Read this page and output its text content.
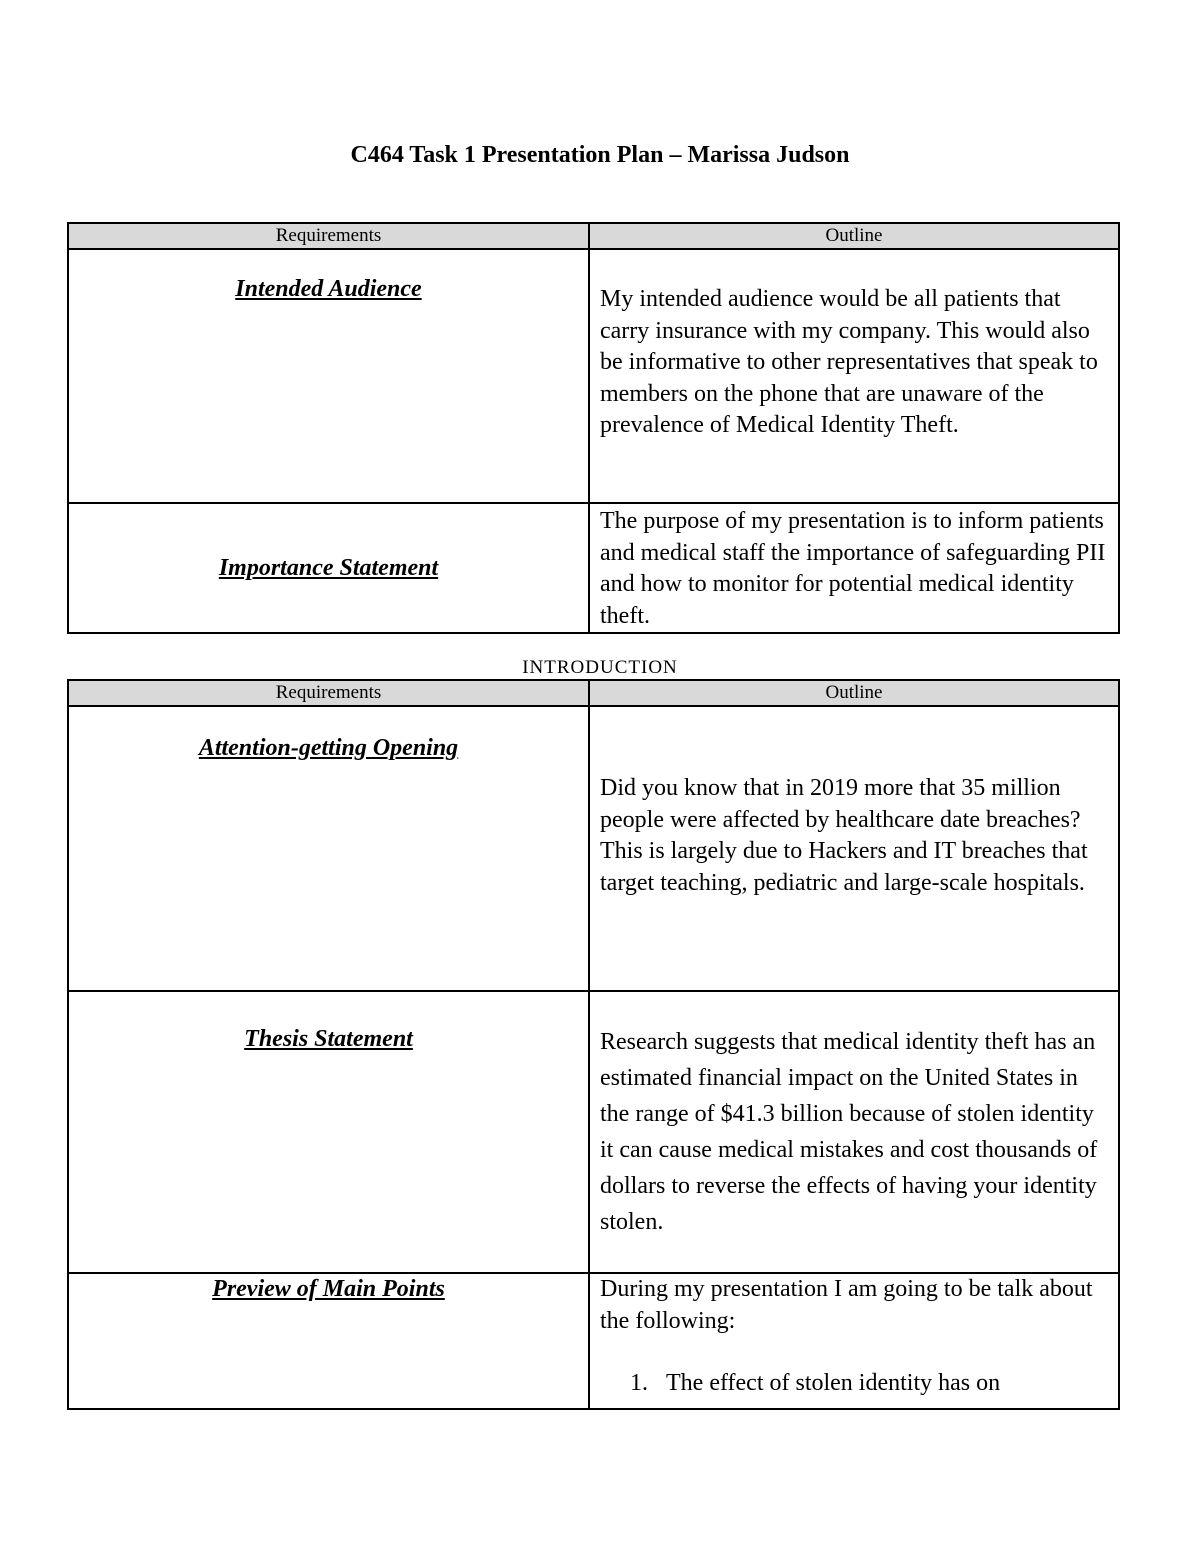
C464 Task 1 Presentation Plan – Marissa Judson
Requirements	Outline

Intended Audience	My intended audience would be all patients that carry insurance with my company. This would also be informative to other representatives that speak to members on the phone that are unaware of the prevalence of Medical Identity Theft.

Importance Statement	The purpose of my presentation is to inform patients and medical staff the importance of safeguarding PII and how to monitor for potential medical identity theft.
INTRODUCTION
Requirements	Outline

Attention-getting Opening	Did you know that in 2019 more that 35 million people were affected by healthcare date breaches? This is largely due to Hackers and IT breaches that target teaching, pediatric and large-scale hospitals.

Thesis Statement	Research suggests that medical identity theft has an estimated financial impact on the United States in the range of $41.3 billion because of stolen identity it can cause medical mistakes and cost thousands of dollars to reverse the effects of having your identity stolen.

Preview of Main Points	During my presentation I am going to be talk about the following:
1. The effect of stolen identity has on
